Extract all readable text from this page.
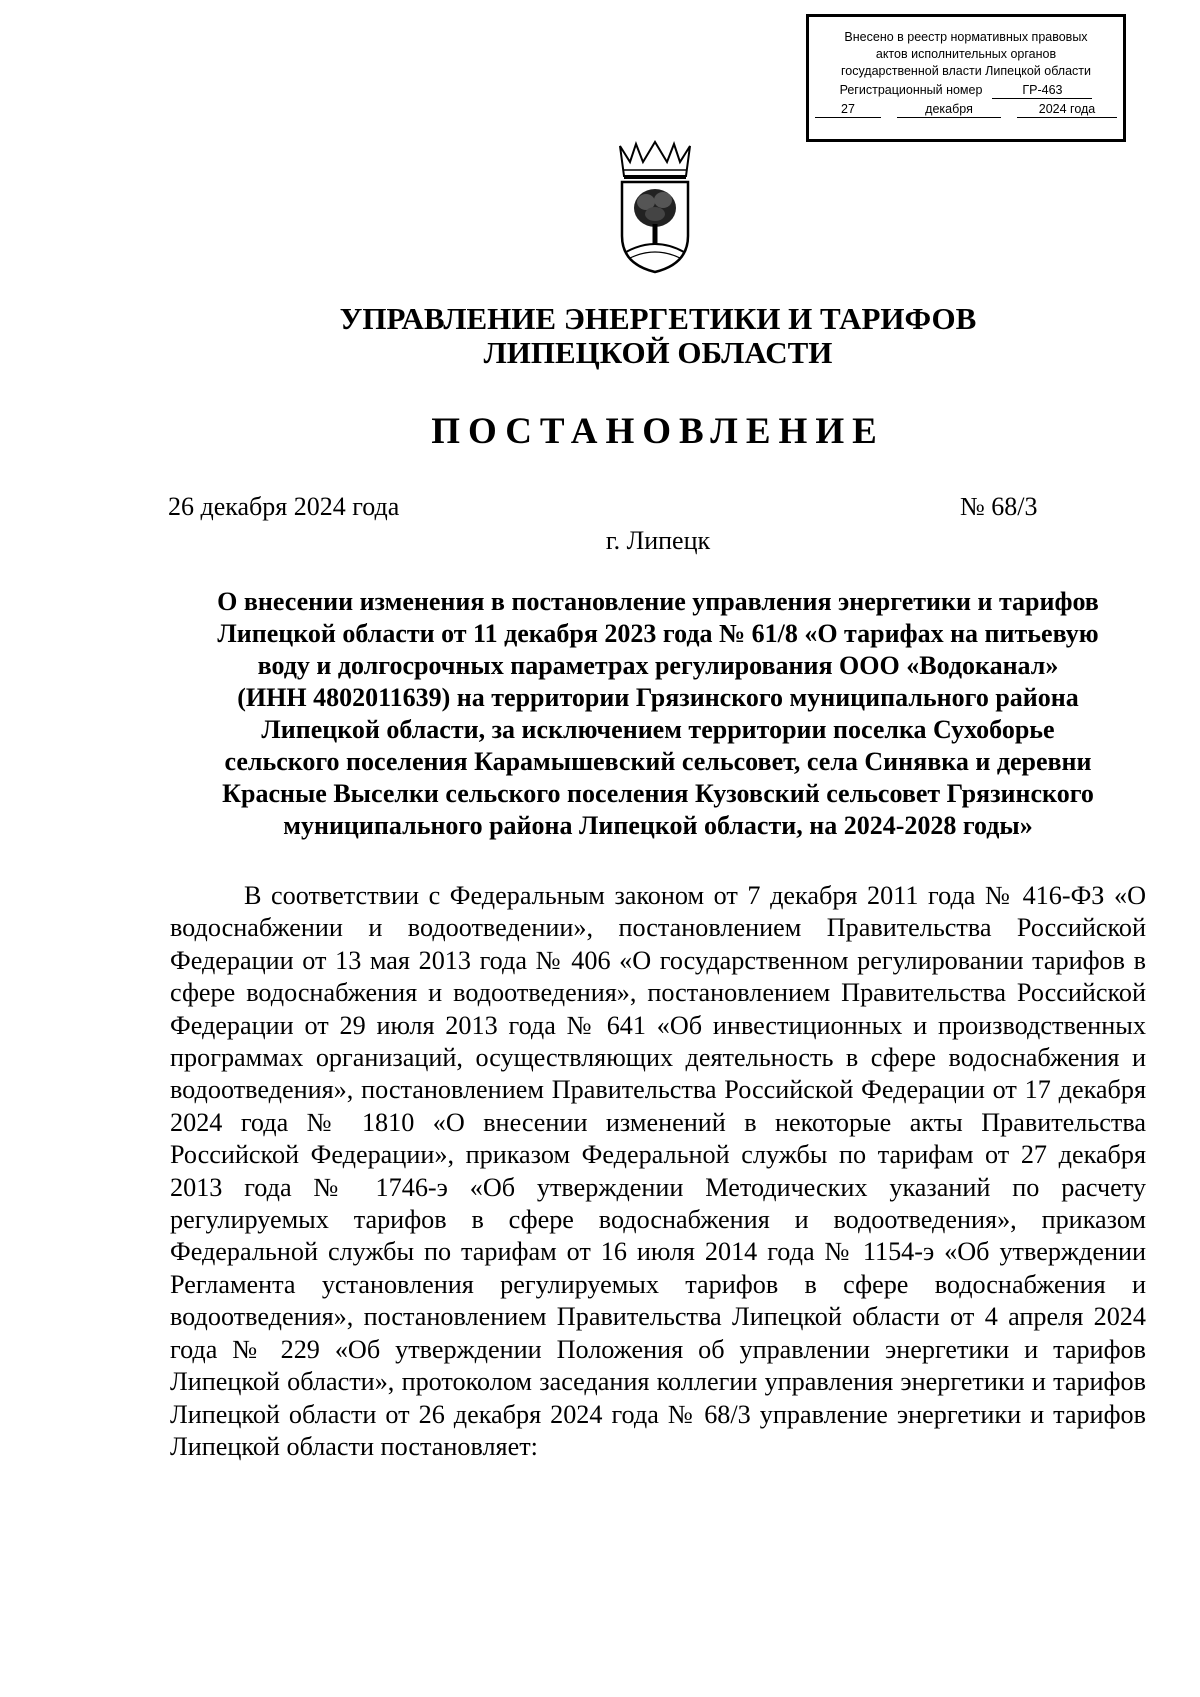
Внесено в реестр нормативных правовых
актов исполнительных органов
государственной власти Липецкой области
Регистрационный номер	ГР-463
27	декабря	2024 года
УПРАВЛЕНИЕ ЭНЕРГЕТИКИ И ТАРИФОВ
ЛИПЕЦКОЙ ОБЛАСТИ
ПОСТАНОВЛЕНИЕ
26 декабря 2024 года	№ 68/3
г. Липецк
О внесении изменения в постановление управления энергетики и тарифов
Липецкой области от 11 декабря 2023 года № 61/8 «О тарифах на питьевую
воду и долгосрочных параметрах регулирования ООО «Водоканал»
(ИНН 4802011639) на территории Грязинского муниципального района
Липецкой области, за исключением территории поселка Сухоборье
сельского поселения Карамышевский сельсовет, села Синявка и деревни
Красные Выселки сельского поселения Кузовский сельсовет Грязинского
муниципального района Липецкой области, на 2024-2028 годы»

В соответствии с Федеральным законом от 7 декабря 2011 года № 416-ФЗ «О водоснабжении и водоотведении», постановлением Правительства Российской Федерации от 13 мая 2013 года № 406 «О государственном регулировании тарифов в сфере водоснабжения и водоотведения», постановлением Правительства Российской Федерации от 29 июля 2013 года № 641 «Об инвестиционных и производственных программах организаций, осуществляющих деятельность в сфере водоснабжения и водоотведения», постановлением Правительства Российской Федерации от 17 декабря 2024 года № 1810 «О внесении изменений в некоторые акты Правительства Российской Федерации», приказом Федеральной службы по тарифам от 27 декабря 2013 года № 1746-э «Об утверждении Методических указаний по расчету регулируемых тарифов в сфере водоснабжения и водоотведения», приказом Федеральной службы по тарифам от 16 июля 2014 года № 1154-э «Об утверждении Регламента установления регулируемых тарифов в сфере водоснабжения и водоотведения», постановлением Правительства Липецкой области от 4 апреля 2024 года № 229 «Об утверждении Положения об управлении энергетики и тарифов Липецкой области», протоколом заседания коллегии управления энергетики и тарифов Липецкой области от 26 декабря 2024 года № 68/3 управление энергетики и тарифов Липецкой области постановляет:
